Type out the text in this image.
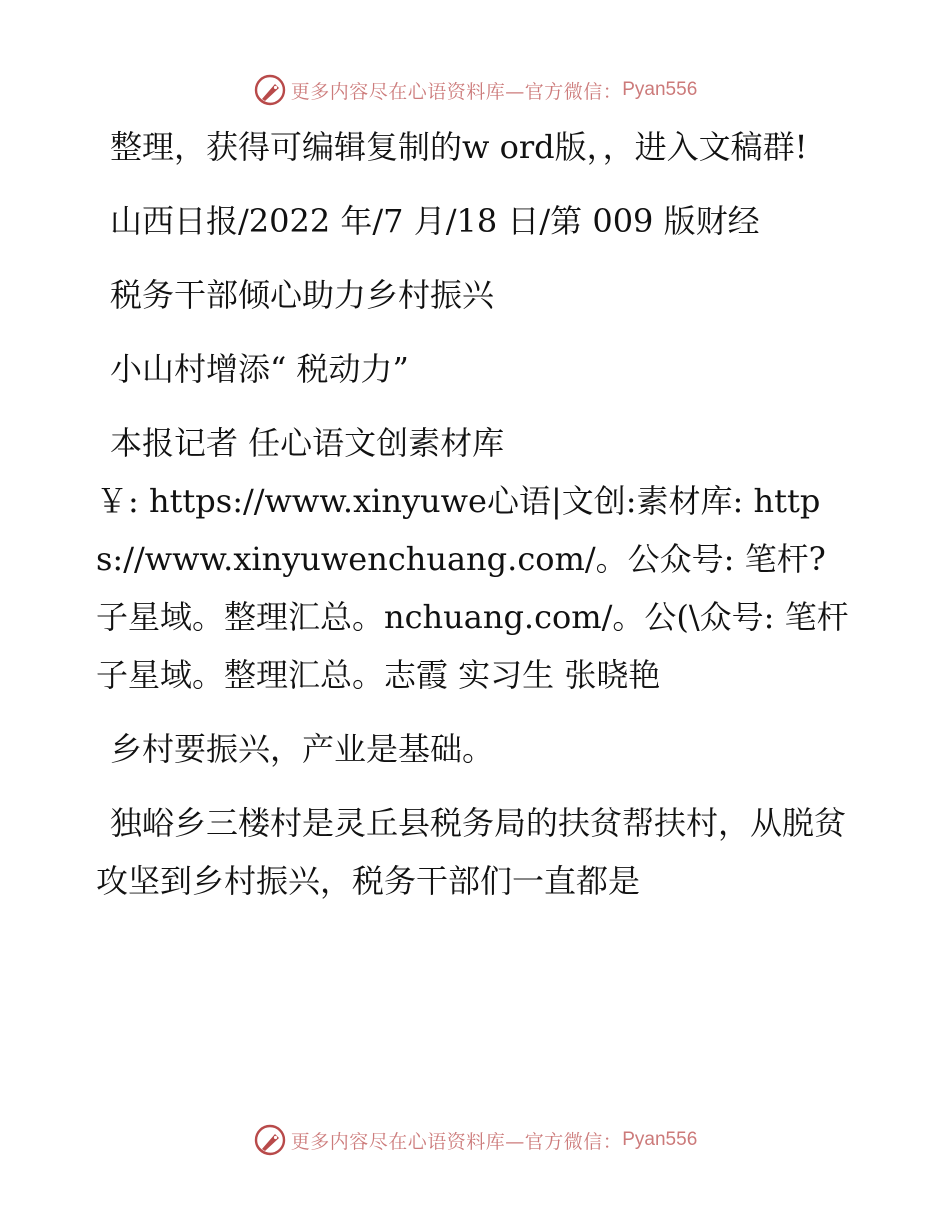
更多内容尽在心语资料库—官方微信： Pyan556

整理，获得可编辑复制的w ord版，，进入文稿群!

山西日报/2022 年/7 月/18 日/第 009 版财经

税务干部倾心助力乡村振兴

小山村增添“ 税动力”

本报记者 任心语文创素材库

￥: https://www.xinyuwe心语|文创:素材库: https://www.xinyuwenchuang.com/。公众号: 笔杆?子星域。整理汇总。nchuang.com/。公(\众号: 笔杆子星域。整理汇总。志霞 实习生 张晓艳

乡村要振兴，产业是基础。

独峪乡三楼村是灵丘县税务局的扶贫帮扶村，从脱贫攻坚到乡村振兴，税务干部们一直都是

更多内容尽在心语资料库—官方微信： Pyan556
